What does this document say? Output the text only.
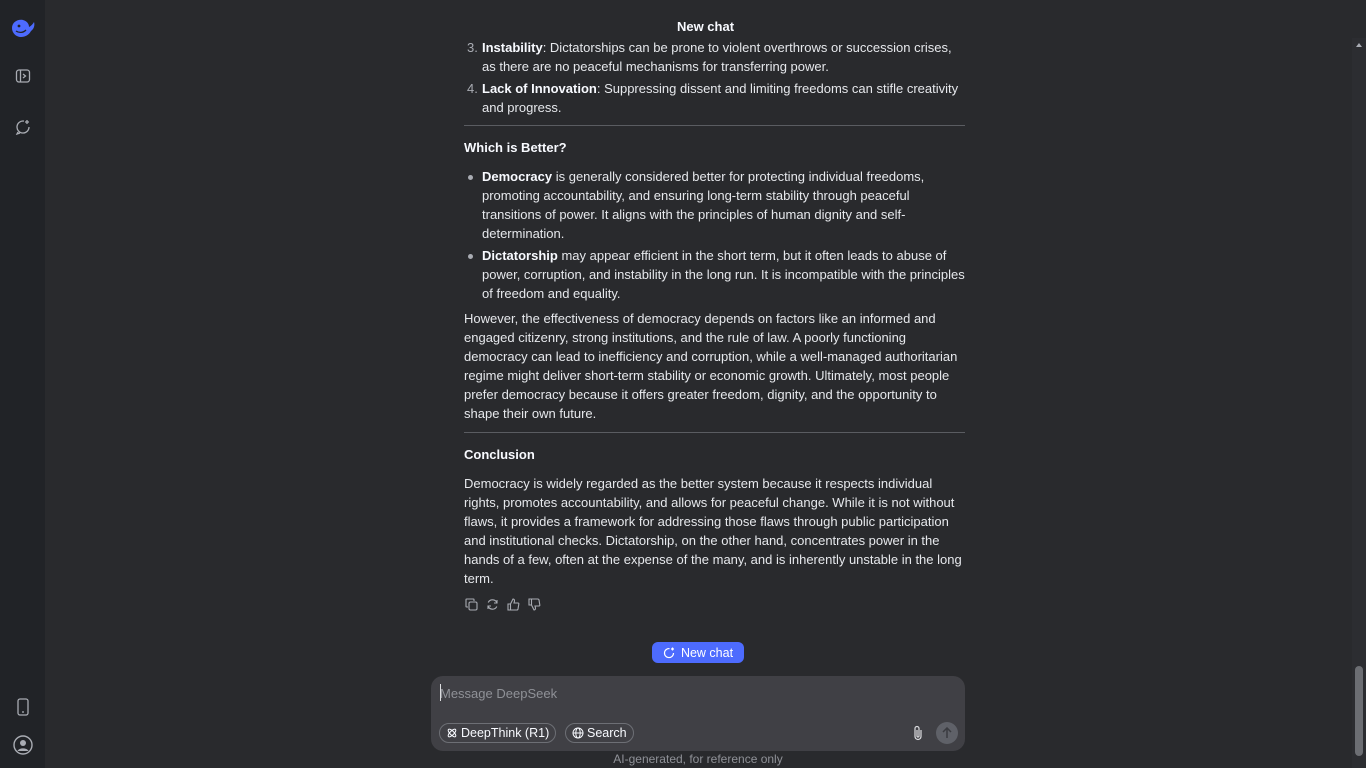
New chat
3. Instability: Dictatorships can be prone to violent overthrows or succession crises, as there are no peaceful mechanisms for transferring power.
4. Lack of Innovation: Suppressing dissent and limiting freedoms can stifle creativity and progress.
Which is Better?
Democracy is generally considered better for protecting individual freedoms, promoting accountability, and ensuring long-term stability through peaceful transitions of power. It aligns with the principles of human dignity and self-determination.
Dictatorship may appear efficient in the short term, but it often leads to abuse of power, corruption, and instability in the long run. It is incompatible with the principles of freedom and equality.

However, the effectiveness of democracy depends on factors like an informed and engaged citizenry, strong institutions, and the rule of law. A poorly functioning democracy can lead to inefficiency and corruption, while a well-managed authoritarian regime might deliver short-term stability or economic growth. Ultimately, most people prefer democracy because it offers greater freedom, dignity, and the opportunity to shape their own future.

Conclusion

Democracy is widely regarded as the better system because it respects individual rights, promotes accountability, and allows for peaceful change. While it is not without flaws, it provides a framework for addressing those flaws through public participation and institutional checks. Dictatorship, on the other hand, concentrates power in the hands of a few, often at the expense of the many, and is inherently unstable in the long term.

New chat
Message DeepSeek
DeepThink (R1)	Search
AI-generated, for reference only
